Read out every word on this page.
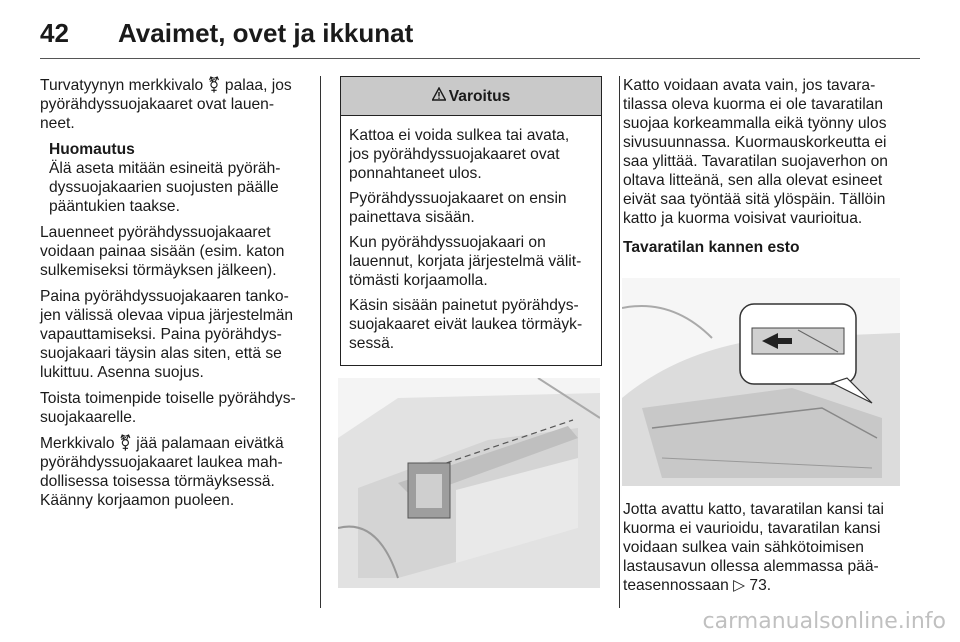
42 Avaimet, ovet ja ikkunat

Turvatyynyn merkkivalo ⚧ palaa, jos pyörähdyssuojakaaret ovat lauenneet.

Huomautus
Älä aseta mitään esineitä pyörähdyssuojakaarien suojusten päälle pääntukien taakse.

Lauenneet pyörähdyssuojakaaret voidaan painaa sisään (esim. katon sulkemiseksi törmäyksen jälkeen).

Paina pyörähdyssuojakaaren tankojen välissä olevaa vipua järjestelmän vapauttamiseksi. Paina pyörähdyssuojakaari täysin alas siten, että se lukittuu. Asenna suojus.

Toista toimenpide toiselle pyörähdyssuojakaarelle.

Merkkivalo ⚧ jää palamaan eivätkä pyörähdyssuojakaaret laukea mahdollisessa toisessa törmäyksessä. Käänny korjaamon puoleen.

Varoitus

Kattoa ei voida sulkea tai avata, jos pyörähdyssuojakaaret ovat ponnahtaneet ulos.

Pyörähdyssuojakaaret on ensin painettava sisään.

Kun pyörähdyssuojakaari on lauennut, korjata järjestelmä välittömästi korjaamolla.

Käsin sisään painetut pyörähdyssuojakaaret eivät laukea törmäyksessä.

Katto voidaan avata vain, jos tavaratilassa oleva kuorma ei ole tavaratilan suojaa korkeammalla eikä työnny ulos sivusuunnassa. Kuormauskorkeutta ei saa ylittää. Tavaratilan suojaverhon on oltava litteänä, sen alla olevat esineet eivät saa työntää sitä ylöspäin. Tällöin katto ja kuorma voisivat vaurioitua.

Tavaratilan kannen esto

Jotta avattu katto, tavaratilan kansi tai kuorma ei vaurioidu, tavaratilan kansi voidaan sulkea vain sähkötoimisen lastausavun ollessa alemmassa pääteasennossaan ▷ 73.

carmanualsonline.info
